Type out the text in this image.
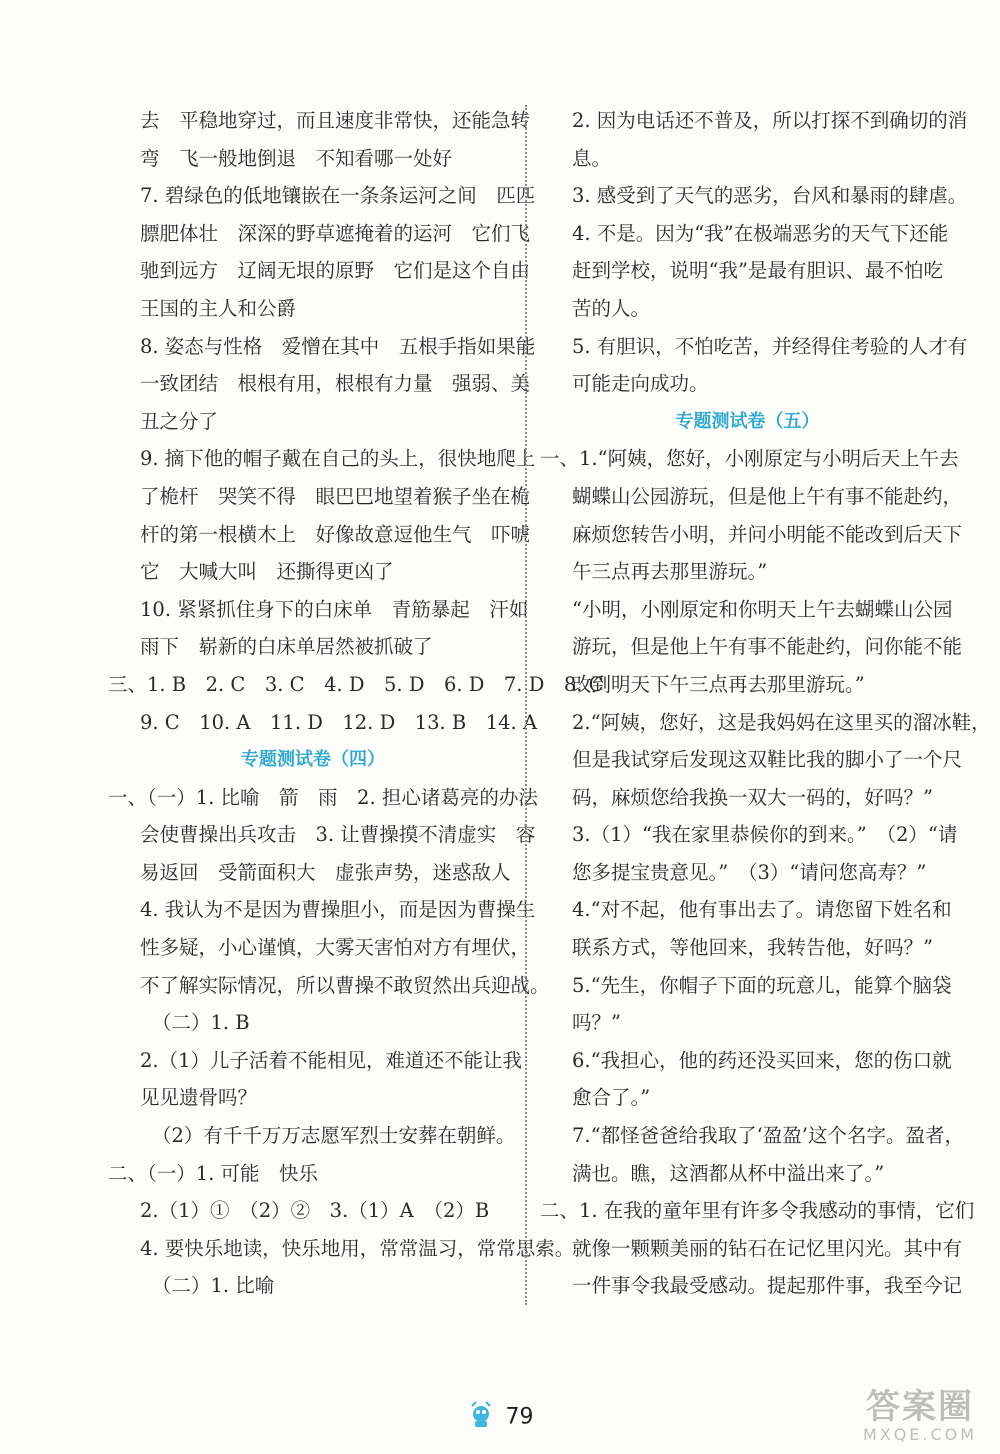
去　平稳地穿过，而且速度非常快，还能急转
弯　飞一般地倒退　不知看哪一处好
7. 碧绿色的低地镶嵌在一条条运河之间　匹匹
膘肥体壮　深深的野草遮掩着的运河　它们飞
驰到远方　辽阔无垠的原野　它们是这个自由
王国的主人和公爵
8. 姿态与性格　爱憎在其中　五根手指如果能
一致团结　根根有用，根根有力量　强弱、美
丑之分了
9. 摘下他的帽子戴在自己的头上，很快地爬上
了桅杆　哭笑不得　眼巴巴地望着猴子坐在桅
杆的第一根横木上　好像故意逗他生气　吓唬
它　大喊大叫　还撕得更凶了
10. 紧紧抓住身下的白床单　青筋暴起　汗如
雨下　崭新的白床单居然被抓破了
三、1. B　2. C　3. C　4. D　5. D　6. D　7. D　8. C
9. C　10. A　11. D　12. D　13. B　14. A
专题测试卷（四）
一、（一）1. 比喻　箭　雨　2. 担心诸葛亮的办法
会使曹操出兵攻击　3. 让曹操摸不清虚实　容
易返回　受箭面积大　虚张声势，迷惑敌人
4. 我认为不是因为曹操胆小，而是因为曹操生
性多疑，小心谨慎，大雾天害怕对方有埋伏，
不了解实际情况，所以曹操不敢贸然出兵迎战。
（二）1. B
2.（1）儿子活着不能相见，难道还不能让我
见见遗骨吗？
（2）有千千万万志愿军烈士安葬在朝鲜。
二、（一）1. 可能　快乐
2.（1）①　（2）②　3.（1）A　（2）B
4. 要快乐地读，快乐地用，常常温习，常常思索。
（二）1. 比喻
2. 因为电话还不普及，所以打探不到确切的消
息。
3. 感受到了天气的恶劣，台风和暴雨的肆虐。
4. 不是。因为“我”在极端恶劣的天气下还能
赶到学校，说明“我”是最有胆识、最不怕吃
苦的人。
5. 有胆识，不怕吃苦，并经得住考验的人才有
可能走向成功。
专题测试卷（五）
一、1.“阿姨，您好，小刚原定与小明后天上午去
蝴蝶山公园游玩，但是他上午有事不能赴约，
麻烦您转告小明，并问小明能不能改到后天下
午三点再去那里游玩。”
“小明，小刚原定和你明天上午去蝴蝶山公园
游玩，但是他上午有事不能赴约，问你能不能
改到明天下午三点再去那里游玩。”
2.“阿姨，您好，这是我妈妈在这里买的溜冰鞋，
但是我试穿后发现这双鞋比我的脚小了一个尺
码，麻烦您给我换一双大一码的，好吗？”
3.（1）“我在家里恭候你的到来。”　（2）“请
您多提宝贵意见。”　（3）“请问您高寿？”
4.“对不起，他有事出去了。请您留下姓名和
联系方式，等他回来，我转告他，好吗？”
5.“先生，你帽子下面的玩意儿，能算个脑袋
吗？”
6.“我担心，他的药还没买回来，您的伤口就
愈合了。”
7.“都怪爸爸给我取了‘盈盈’这个名字。盈者，
满也。瞧，这酒都从杯中溢出来了。”
二、1. 在我的童年里有许多令我感动的事情，它们
就像一颗颗美丽的钻石在记忆里闪光。其中有
一件事令我最受感动。提起那件事，我至今记
79	答案圈
MXQE.COM
